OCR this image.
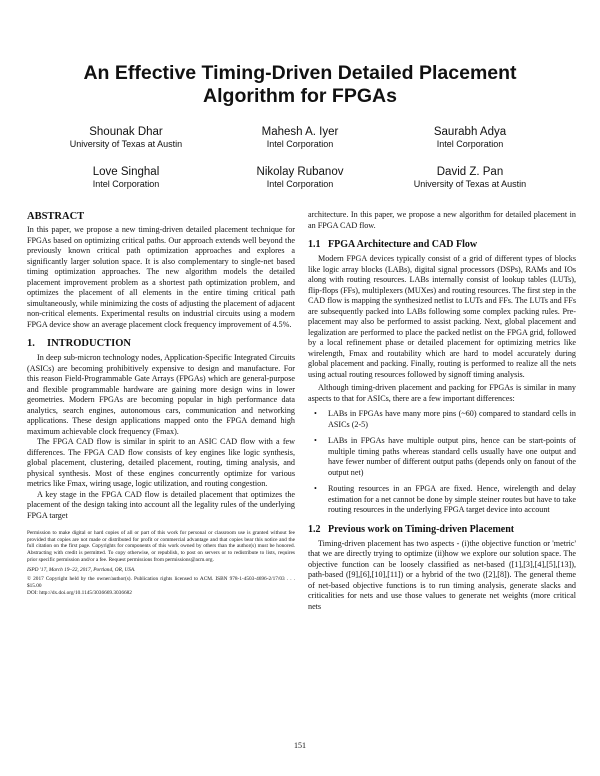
An Effective Timing-Driven Detailed Placement
Algorithm for FPGAs
Shounak Dhar
University of Texas at Austin
Mahesh A. Iyer
Intel Corporation
Saurabh Adya
Intel Corporation
Love Singhal
Intel Corporation
Nikolay Rubanov
Intel Corporation
David Z. Pan
University of Texas at Austin
ABSTRACT

In this paper, we propose a new timing-driven detailed placement technique for FPGAs based on optimizing critical paths. Our approach extends well beyond the previously known critical path optimization approaches and explores a significantly larger solution space. It is also complementary to single-net based timing optimization approaches. The new algorithm models the detailed placement improvement problem as a shortest path optimization problem, and optimizes the placement of all elements in the entire timing critical path simultaneously, while minimizing the costs of adjusting the placement of adjacent non-critical elements. Experimental results on industrial circuits using a modern FPGA device show an average placement clock frequency improvement of 4.5%.

1. INTRODUCTION

In deep sub-micron technology nodes, Application-Specific Integrated Circuits (ASICs) are becoming prohibitively expensive to design and manufacture. For this reason Field-Programmable Gate Arrays (FPGAs) which are general-purpose and flexible programmable hardware are gaining more design wins in lower geometries. Modern FPGAs are becoming popular in high performance data analytics, search engines, autonomous cars, communication and networking applications. These design applications mapped onto the FPGA demand high maximum achievable clock frequency (Fmax).

The FPGA CAD flow is similar in spirit to an ASIC CAD flow with a few differences. The FPGA CAD flow consists of key engines like logic synthesis, global placement, clustering, detailed placement, routing, timing analysis, and physical synthesis. Most of these engines concurrently optimize for various metrics like Fmax, wiring usage, logic utilization, and routing congestion.

A key stage in the FPGA CAD flow is detailed placement that optimizes the placement of the design taking into account all the legality rules of the underlying FPGA target

Permission to make digital or hard copies of all or part of this work for personal or classroom use is granted without fee provided that copies are not made or distributed for profit or commercial advantage and that copies bear this notice and the full citation on the first page. Copyrights for components of this work owned by others than the author(s) must be honored. Abstracting with credit is permitted. To copy otherwise, or republish, to post on servers or to redistribute to lists, requires prior specific permission and/or a fee. Request permissions from permissions@acm.org.

ISPD '17, March 19–22, 2017, Portland, OR, USA.

© 2017 Copyright held by the owner/author(s). Publication rights licensed to ACM. ISBN 978-1-4503-4696-2/17/03 . . . $15.00

DOI: http://dx.doi.org/10.1145/3036669.3036682

architecture. In this paper, we propose a new algorithm for detailed placement in an FPGA CAD flow.

1.1 FPGA Architecture and CAD Flow

Modern FPGA devices typically consist of a grid of different types of blocks like logic array blocks (LABs), digital signal processors (DSPs), RAMs and IOs along with routing resources. LABs internally consist of lookup tables (LUTs), flip-flops (FFs), multiplexers (MUXes) and routing resources. The first step in the CAD flow is mapping the synthesized netlist to LUTs and FFs. The LUTs and FFs are subsequently packed into LABs following some complex packing rules. Pre-placement may also be performed to assist packing. Next, global placement and legalization are performed to place the packed netlist on the FPGA grid, followed by a local refinement phase or detailed placement for optimizing metrics like wirelength, Fmax and routability which are hard to model accurately during global placement and packing. Finally, routing is performed to realize all the nets using actual routing resources followed by signoff timing analysis.

Although timing-driven placement and packing for FPGAs is similar in many aspects to that for ASICs, there are a few important differences:

• LABs in FPGAs have many more pins (~60) compared to standard cells in ASICs (2-5)
• LABs in FPGAs have multiple output pins, hence can be start-points of multiple timing paths whereas standard cells usually have one output and have fewer number of different output paths (depends only on fanout of the output net)
• Routing resources in an FPGA are fixed. Hence, wirelength and delay estimation for a net cannot be done by simple steiner routes but have to take routing resources in the underlying FPGA target device into account
1.2 Previous work on Timing-driven Placement

Timing-driven placement has two aspects - (i)the objective function or 'metric' that we are directly trying to optimize (ii)how we explore our solution space. The objective function can be loosely classified as net-based ([1],[3],[4],[5],[13]), path-based ([9],[6],[10],[11]) or a hybrid of the two ([2],[8]). The general theme of net-based objective functions is to run timing analysis, generate slacks and criticalities for nets and use those values to generate net weights (more critical nets

151
